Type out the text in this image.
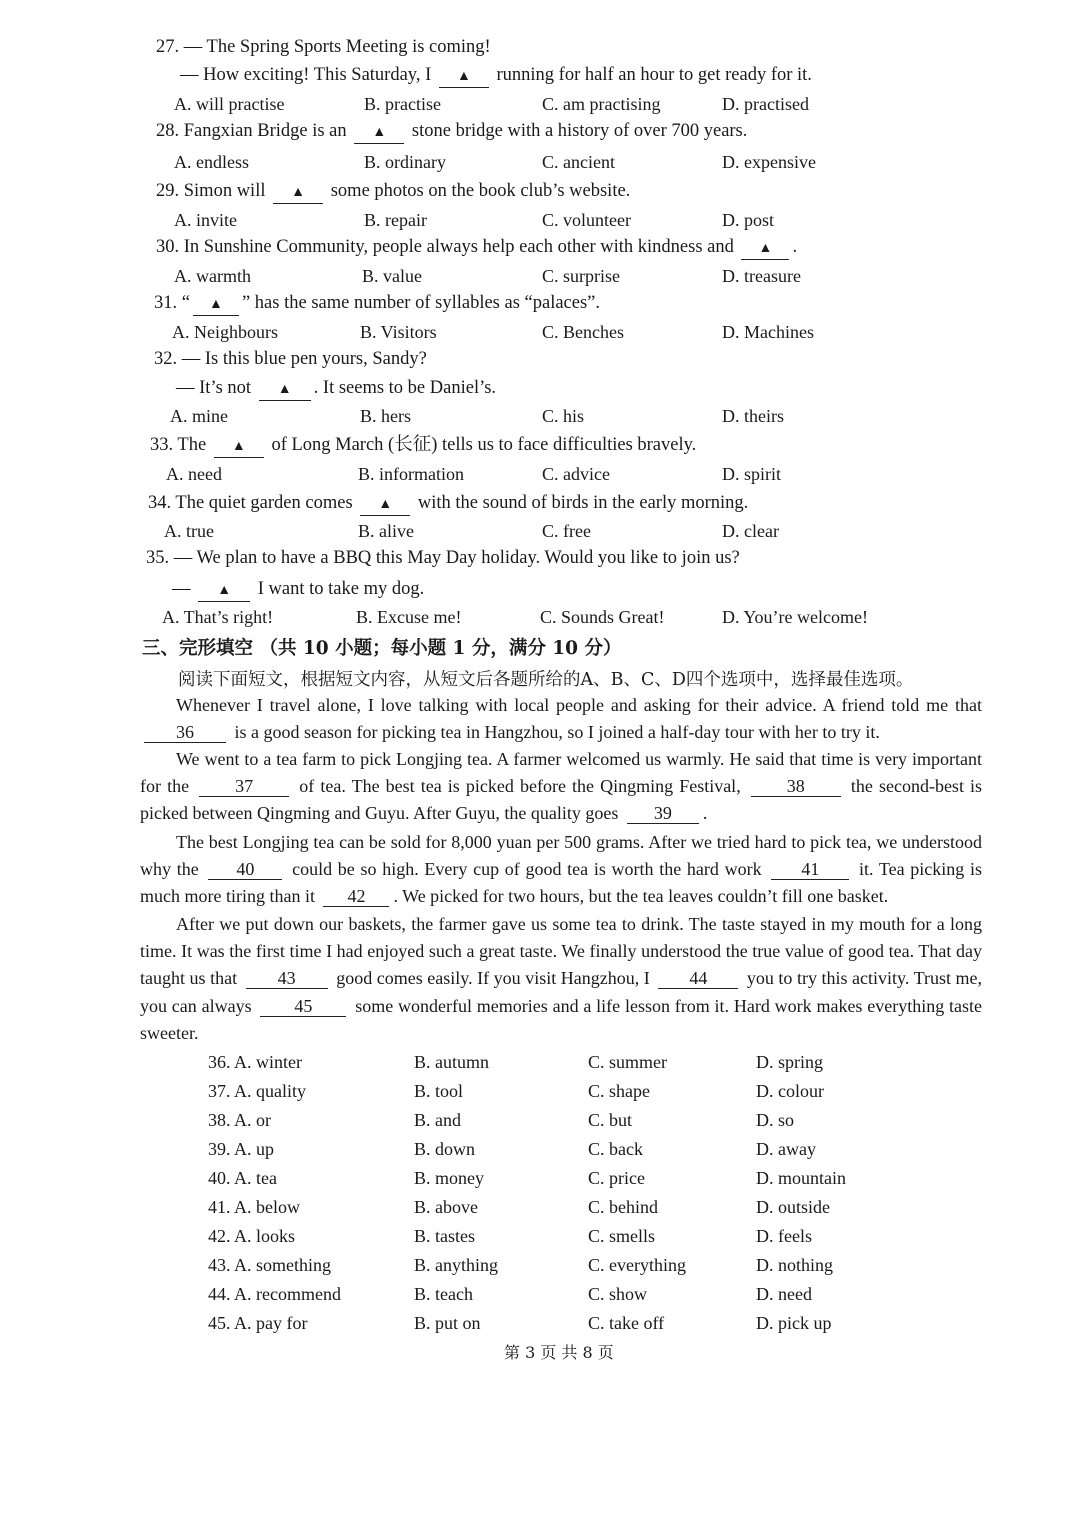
27. — The Spring Sports Meeting is coming!
— How exciting! This Saturday, I ▲ running for half an hour to get ready for it.
A. will practise	B. practise	C. am practising	D. practised
28. Fangxian Bridge is an ▲ stone bridge with a history of over 700 years.
A. endless	B. ordinary	C. ancient	D. expensive
29. Simon will ▲ some photos on the book club’s website.
A. invite	B. repair	C. volunteer	D. post
30. In Sunshine Community, people always help each other with kindness and ▲ .
A. warmth	B. value	C. surprise	D. treasure
31. “ ▲ ” has the same number of syllables as “palaces”.
A. Neighbours	B. Visitors	C. Benches	D. Machines
32. — Is this blue pen yours, Sandy?
— It’s not ▲ . It seems to be Daniel’s.
A. mine	B. hers	C. his	D. theirs
33. The ▲ of Long March (长征) tells us to face difficulties bravely.
A. need	B. information	C. advice	D. spirit
34. The quiet garden comes ▲ with the sound of birds in the early morning.
A. true	B. alive	C. free	D. clear
35. — We plan to have a BBQ this May Day holiday. Would you like to join us?
— ▲ I want to take my dog.
A. That’s right!	B. Excuse me!	C. Sounds Great!	D. You’re welcome!
三、完形填空 （共 10 小题；每小题 1 分，满分 10 分）
阅读下面短文，根据短文内容，从短文后各题所给的A、B、C、D四个选项中，选择最佳选项。
Whenever I travel alone, I love talking with local people and asking for their advice. A friend told me that 36 is a good season for picking tea in Hangzhou, so I joined a half-day tour with her to try it.
We went to a tea farm to pick Longjing tea. A farmer welcomed us warmly. He said that time is very important for the	37	of tea. The best tea is picked before the Qingming Festival,	38	the second-best is picked between Qingming and Guyu. After Guyu, the quality goes 39 .
The best Longjing tea can be sold for 8,000 yuan per 500 grams. After we tried hard to pick tea, we understood why the 40 could be so high. Every cup of good tea is worth the hard work 41 it. Tea picking is much more tiring than it 42 . We picked for two hours, but the tea leaves couldn’t fill one basket.
After we put down our baskets, the farmer gave us some tea to drink. The taste stayed in my mouth for a long time. It was the first time I had enjoyed such a great taste. We finally understood the true value of good tea. That day taught us that 43 good comes easily. If you visit Hangzhou, I 44 you to try this activity. Trust me, you can always 45 some wonderful memories and a life lesson from it. Hard work makes everything taste sweeter.
36. A. winter	B. autumn	C. summer	D. spring
37. A. quality	B. tool	C. shape	D. colour
38. A. or	B. and	C. but	D. so
39. A. up	B. down	C. back	D. away
40. A. tea	B. money	C. price	D. mountain
41. A. below	B. above	C. behind	D. outside
42. A. looks	B. tastes	C. smells	D. feels
43. A. something	B. anything	C. everything	D. nothing
44. A. recommend	B. teach	C. show	D. need
45. A. pay for	B. put on	C. take off	D. pick up
第 3 页 共 8 页
